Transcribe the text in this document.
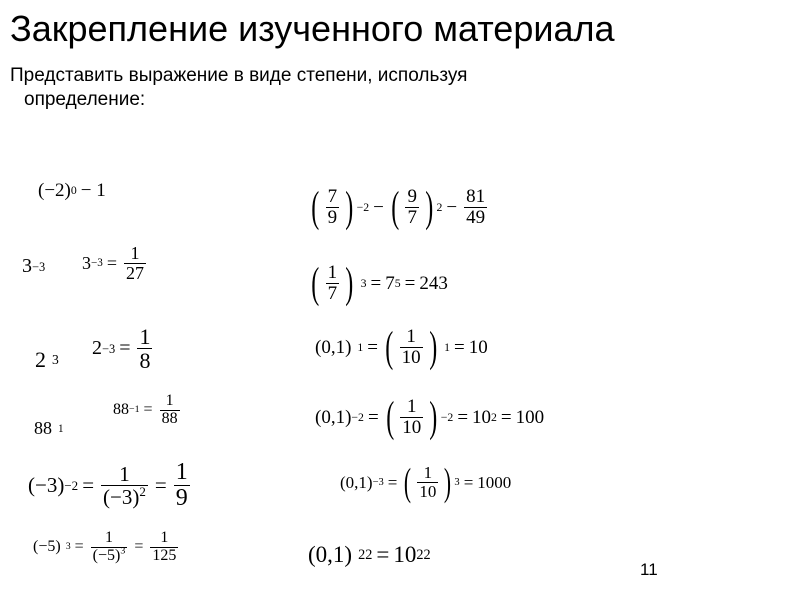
Закрепление изученного материала
Представить выражение в виде степени, используя
определение:
(−2) 0 − 1
3 −3 $3 -3 = \frac{1}{27}$
2 3
$2 -3 = \frac{1}{8}$
88 1
$88 -1 = \frac{1}{88}$
$(-3) -2 = \frac{1}{(-3)^2} = \frac{1}{9}$
(−5) $3 = \frac{1}{(-5)^3} = \frac{1}{125}$
( $\frac{7}{9}$ ) −2 − ( $\frac{9}{7}$ ) $2 - \frac{81}{49}$
( $\frac{1}{7}$ ) 3 = 7 5 = 243
(0,1) 1 = ( $\frac{1}{10}$ ) 1 = 10
(0,1) −2 = ( $\frac{1}{10}$ ) −2 = 10 2 = 100
(0,1) −3 = ( $\frac{1}{10}$ ) 3 = 1000
(0,1) 22 = 10 22
11
